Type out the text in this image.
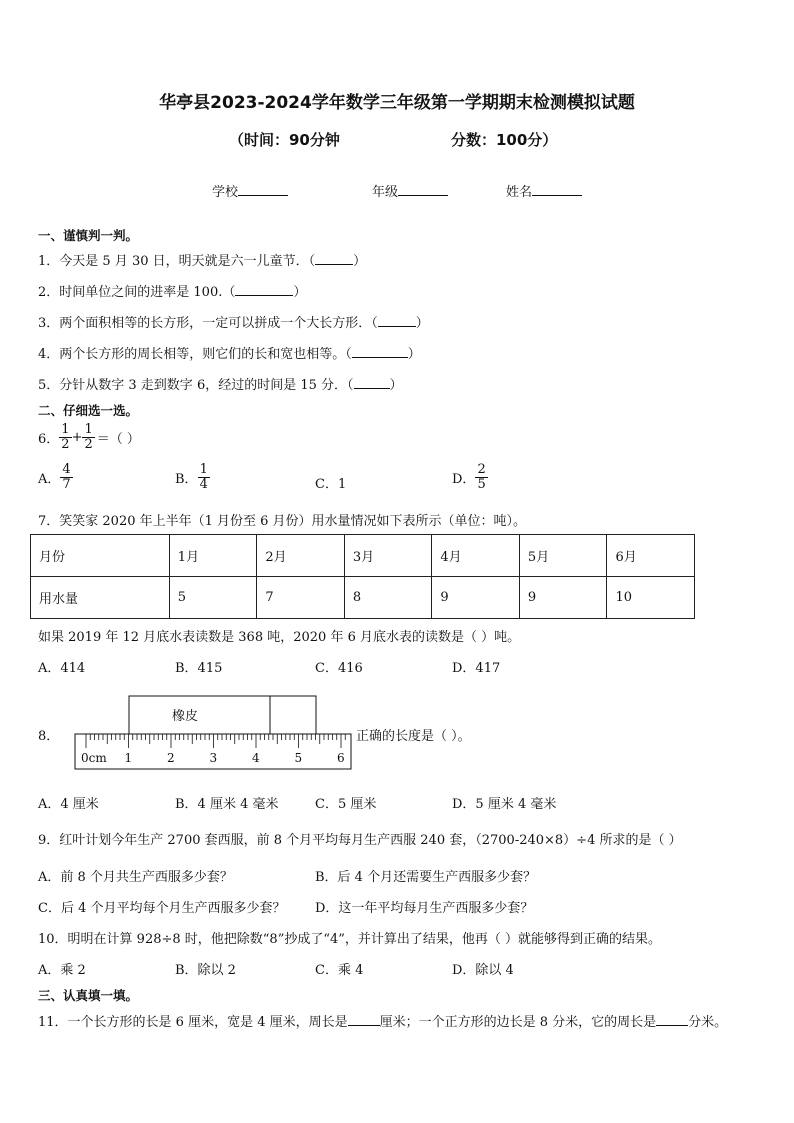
华亭县2023-2024学年数学三年级第一学期期末检测模拟试题
（时间：90分钟	分数：100分）
学校	年级	姓名
一、谨慎判一判。
1．今天是 5 月 30 日，明天就是六一儿童节．（	）
2．时间单位之间的进率是 100.（	）
3．两个面积相等的长方形，一定可以拼成一个大长方形．（	）
4．两个长方形的周长相等，则它们的长和宽也相等。（	）
5．分针从数字 3 走到数字 6，经过的时间是 15 分．（	）
二、仔细选一选。
6． $\frac{1}{2} + \frac{1}{2}$ ＝（ ）
A． $\frac{4}{7}$	B． $\frac{1}{4}$	C．1	D． $\frac{2}{5}$
7．笑笑家 2020 年上半年（1 月份至 6 月份）用水量情况如下表所示（单位：吨）。
月份	1月	2月	3月	4月	5月	6月
用水量	5	7	8	9	9	10
如果 2019 年 12 月底水表读数是 368 吨，2020 年 6 月底水表的读数是（ ）吨。
A．414	B．415	C．416	D．417
8．
橡皮
0cm 1	2	3	4	5	6
正确的长度是（ ）。
A．4 厘米	B．4 厘米 4 毫米	C．5 厘米	D．5 厘米 4 毫米
9．红叶计划今年生产 2700 套西服，前 8 个月平均每月生产西服 240 套，（2700-240×8）÷4 所求的是（ ）
A．前 8 个月共生产西服多少套？	B．后 4 个月还需要生产西服多少套？
C．后 4 个月平均每个月生产西服多少套？ D．这一年平均每月生产西服多少套？
10．明明在计算 928÷8 时，他把除数“8”抄成了“4”，并计算出了结果，他再（ ）就能够得到正确的结果。
A．乘 2	B．除以 2	C．乘 4	D．除以 4
三、认真填一填。
11．一个长方形的长是 6 厘米，宽是 4 厘米，周长是 厘米；一个正方形的边长是 8 分米，它的周长是 分米。
